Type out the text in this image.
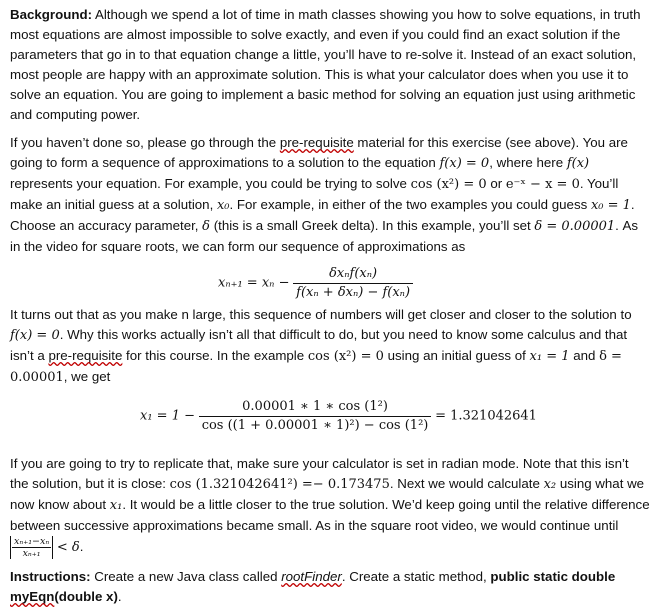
Background: Although we spend a lot of time in math classes showing you how to solve equations, in truth most equations are almost impossible to solve exactly, and even if you could find an exact solution if the parameters that go in to that equation change a little, you’ll have to re-solve it. Instead of an exact solution, most people are happy with an approximate solution. This is what your calculator does when you use it to solve an equation. You are going to implement a basic method for solving an equation just using arithmetic and computing power.

If you haven’t done so, please go through the pre-requisite material for this exercise (see above). You are going to form a sequence of approximations to a solution to the equation f(x) = 0, where here f(x) represents your equation. For example, you could be trying to solve cos (x²) = 0 or e⁻ˣ − x = 0. You’ll make an initial guess at a solution, x₀. For example, in either of the two examples you could guess x₀ = 1. Choose an accuracy parameter, δ (this is a small Greek delta). In this example, you’ll set δ = 0.00001. As in the video for square roots, we can form our sequence of approximations as

$x_{n+1} = x_n - \frac{\text{δxₙf(xₙ)}}{\text{f(xₙ + δxₙ) − f(xₙ)}}$

It turns out that as you make n large, this sequence of numbers will get closer and closer to the solution to f(x) = 0. Why this works actually isn’t all that difficult to do, but you need to know some calculus and that isn’t a pre-requisite for this course. In the example cos (x²) = 0 using an initial guess of x₁ = 1 and δ = 0.00001, we get

$x_1 = 1 - \frac{\text{0.00001 ∗ 1 ∗ cos (1²)}}{\text{cos ((1 + 0.00001 ∗ 1)²) − cos (1²)}} = 1.321042641$

If you are going to try to replicate that, make sure your calculator is set in radian mode. Note that this isn’t the solution, but it is close: cos (1.321042641²) =− 0.173475. Next we would calculate x₂ using what we now know about x₁. It would be a little closer to the true solution. We’d keep going until the relative difference between successive approximations became small. As in the square root video, we would continue until
$\frac{\text{xₙ₊₁−xₙ}}{\text{xₙ₊₁}} < \delta$.

Instructions: Create a new Java class called rootFinder. Create a static method, public static double myEqn(double x).
